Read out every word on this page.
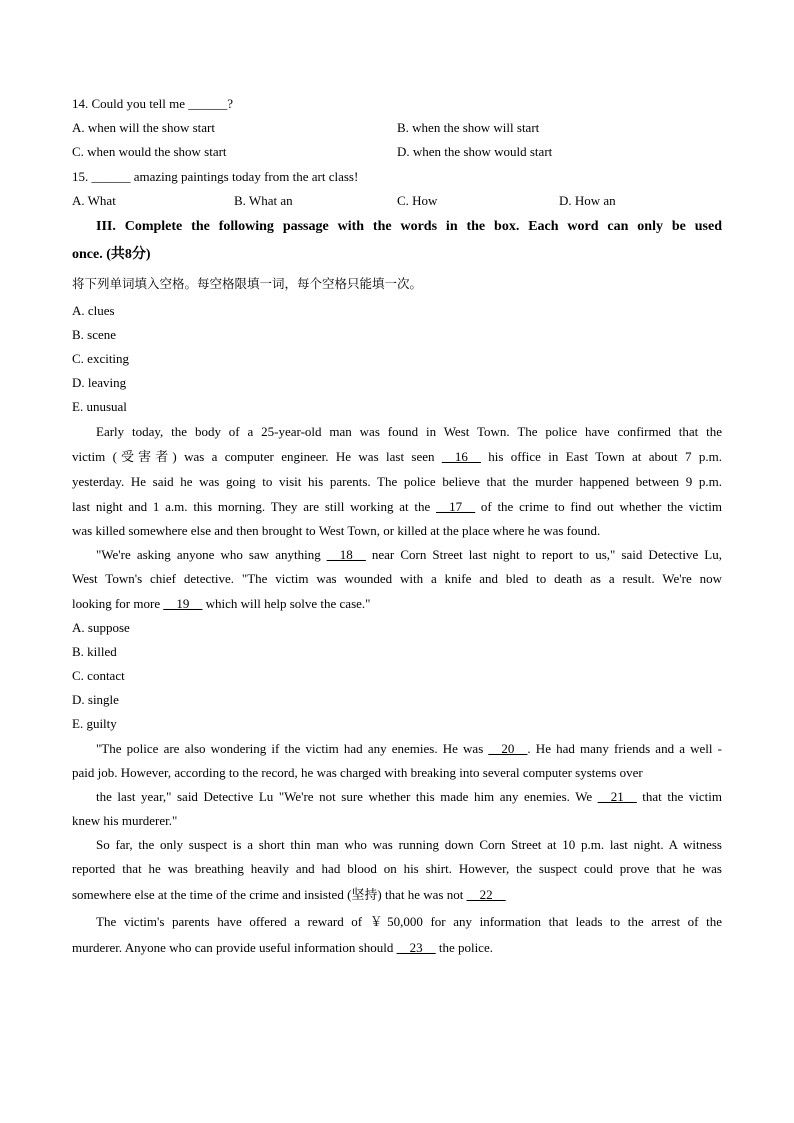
14. Could you tell me ______?
A. when will the show start	B. when the show will start
C. when would the show start	D. when the show would start
15. ______ amazing paintings today from the art class!
A. What	B. What an	C. How	D. How an
III. Complete the following passage with the words in the box. Each word can only be used
once. (共8分)
将下列单词填入空格。每空格限填一词，每个空格只能填一次。
A. clues
B. scene
C. exciting
D. leaving
E. unusual
Early today, the body of a 25-year-old man was found in West Town. The police have confirmed that the
victim (受害者) was a computer engineer. He was last seen __16__ his office in East Town at about 7 p.m.
yesterday. He said he was going to visit his parents. The police believe that the murder happened between 9 p.m.
last night and 1 a.m. this morning. They are still working at the __17__ of the crime to find out whether the victim
was killed somewhere else and then brought to West Town, or killed at the place where he was found.
"We're asking anyone who saw anything __18__ near Corn Street last night to report to us," said Detective Lu,
West Town's chief detective. "The victim was wounded with a knife and bled to death as a result. We're now
looking for more __19__ which will help solve the case."
A. suppose
B. killed
C. contact
D. single
E. guilty
"The police are also wondering if the victim had any enemies. He was __20__. He had many friends and a well -
paid job. However, according to the record, he was charged with breaking into several computer systems over
the last year," said Detective Lu "We're not sure whether this made him any enemies. We __21__ that the victim
knew his murderer."
So far, the only suspect is a short thin man who was running down Corn Street at 10 p.m. last night. A witness
reported that he was breathing heavily and had blood on his shirt. However, the suspect could prove that he was
somewhere else at the time of the crime and insisted (坚持) that he was not __22__
The victim's parents have offered a reward of ￥50,000 for any information that leads to the arrest of the
murderer. Anyone who can provide useful information should __23__ the police.
